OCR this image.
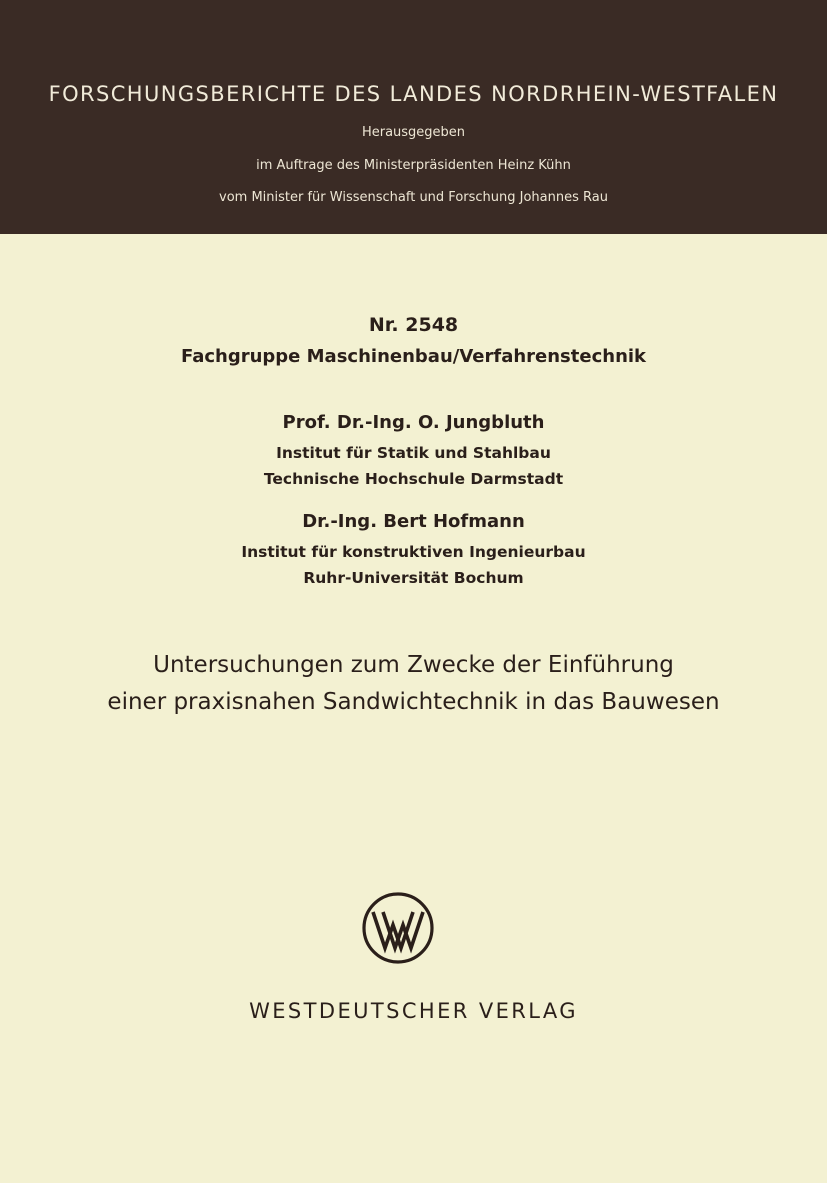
FORSCHUNGSBERICHTE DES LANDES NORDRHEIN-WESTFALEN
Herausgegeben
im Auftrage des Ministerpräsidenten Heinz Kühn
vom Minister für Wissenschaft und Forschung Johannes Rau
Nr. 2548
Fachgruppe Maschinenbau/Verfahrenstechnik
Prof. Dr.-Ing. O. Jungbluth
Institut für Statik und Stahlbau
Technische Hochschule Darmstadt
Dr.-Ing. Bert Hofmann
Institut für konstruktiven Ingenieurbau
Ruhr-Universität Bochum
Untersuchungen zum Zwecke der Einführung
einer praxisnahen Sandwichtechnik in das Bauwesen
WESTDEUTSCHER VERLAG
